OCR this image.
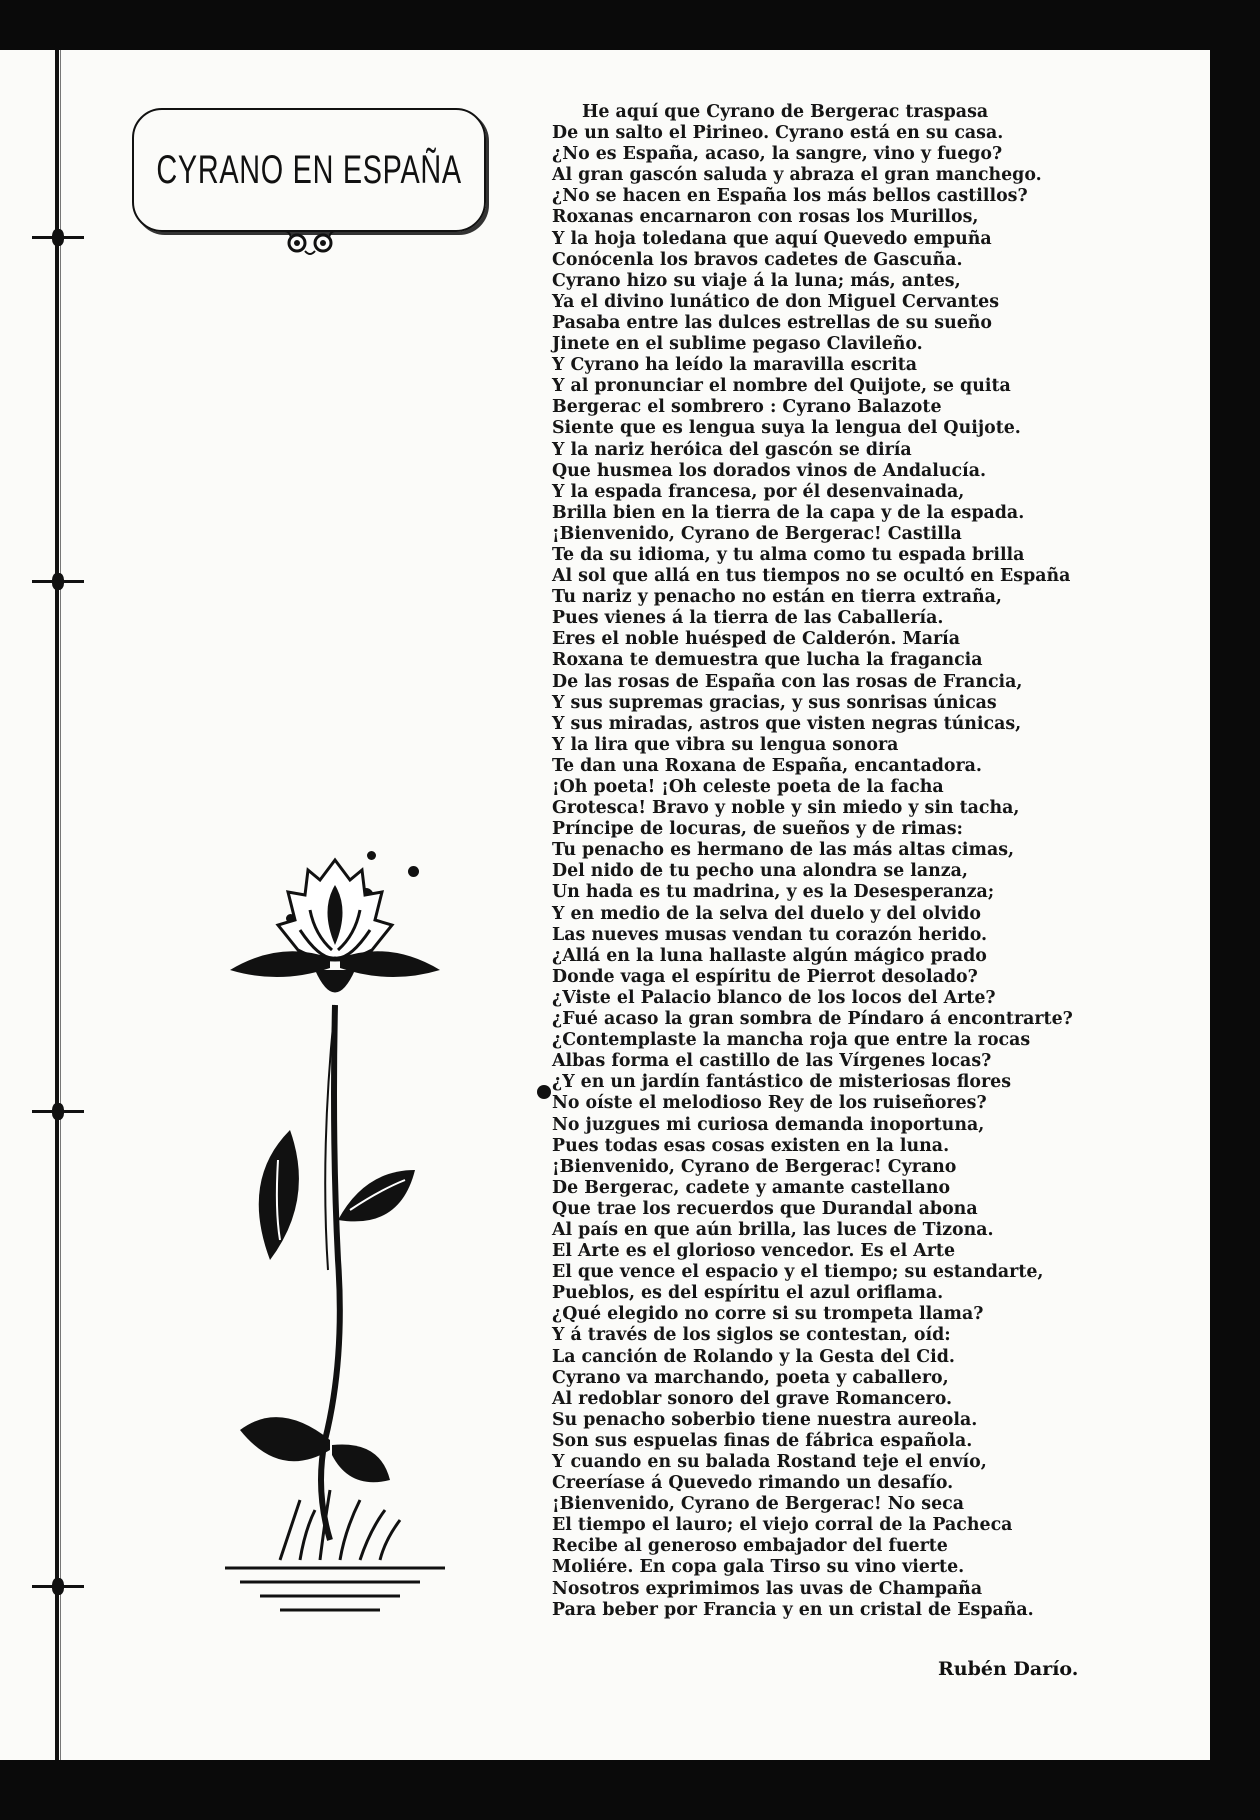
CYRANO EN ESPAÑA
He aquí que Cyrano de Bergerac traspasa
De un salto el Pirineo. Cyrano está en su casa.
¿No es España, acaso, la sangre, vino y fuego?
Al gran gascón saluda y abraza el gran manchego.
¿No se hacen en España los más bellos castillos?
Roxanas encarnaron con rosas los Murillos,
Y la hoja toledana que aquí Quevedo empuña
Conócenla los bravos cadetes de Gascuña.
Cyrano hizo su viaje á la luna; más, antes,
Ya el divino lunático de don Miguel Cervantes
Pasaba entre las dulces estrellas de su sueño
Jinete en el sublime pegaso Clavileño.
Y Cyrano ha leído la maravilla escrita
Y al pronunciar el nombre del Quijote, se quita
Bergerac el sombrero : Cyrano Balazote
Siente que es lengua suya la lengua del Quijote.
Y la nariz heróica del gascón se diría
Que husmea los dorados vinos de Andalucía.
Y la espada francesa, por él desenvainada,
Brilla bien en la tierra de la capa y de la espada.
¡Bienvenido, Cyrano de Bergerac! Castilla
Te da su idioma, y tu alma como tu espada brilla
Al sol que allá en tus tiempos no se ocultó en España
Tu nariz y penacho no están en tierra extraña,
Pues vienes á la tierra de las Caballería.
Eres el noble huésped de Calderón. María
Roxana te demuestra que lucha la fragancia
De las rosas de España con las rosas de Francia,
Y sus supremas gracias, y sus sonrisas únicas
Y sus miradas, astros que visten negras túnicas,
Y la lira que vibra su lengua sonora
Te dan una Roxana de España, encantadora.
¡Oh poeta! ¡Oh celeste poeta de la facha
Grotesca! Bravo y noble y sin miedo y sin tacha,
Príncipe de locuras, de sueños y de rimas:
Tu penacho es hermano de las más altas cimas,
Del nido de tu pecho una alondra se lanza,
Un hada es tu madrina, y es la Desesperanza;
Y en medio de la selva del duelo y del olvido
Las nueves musas vendan tu corazón herido.
¿Allá en la luna hallaste algún mágico prado
Donde vaga el espíritu de Pierrot desolado?
¿Viste el Palacio blanco de los locos del Arte?
¿Fué acaso la gran sombra de Píndaro á encontrarte?
¿Contemplaste la mancha roja que entre la rocas
Albas forma el castillo de las Vírgenes locas?
¿Y en un jardín fantástico de misteriosas flores
No oíste el melodioso Rey de los ruiseñores?
No juzgues mi curiosa demanda inoportuna,
Pues todas esas cosas existen en la luna.
¡Bienvenido, Cyrano de Bergerac! Cyrano
De Bergerac, cadete y amante castellano
Que trae los recuerdos que Durandal abona
Al país en que aún brilla, las luces de Tizona.
El Arte es el glorioso vencedor. Es el Arte
El que vence el espacio y el tiempo; su estandarte,
Pueblos, es del espíritu el azul oriflama.
¿Qué elegido no corre si su trompeta llama?
Y á través de los siglos se contestan, oíd:
La canción de Rolando y la Gesta del Cid.
Cyrano va marchando, poeta y caballero,
Al redoblar sonoro del grave Romancero.
Su penacho soberbio tiene nuestra aureola.
Son sus espuelas finas de fábrica española.
Y cuando en su balada Rostand teje el envío,
Creeríase á Quevedo rimando un desafío.
¡Bienvenido, Cyrano de Bergerac! No seca
El tiempo el lauro; el viejo corral de la Pacheca
Recibe al generoso embajador del fuerte
Moliére. En copa gala Tirso su vino vierte.
Nosotros exprimimos las uvas de Champaña
Para beber por Francia y en un cristal de España.
Rubén Darío.
